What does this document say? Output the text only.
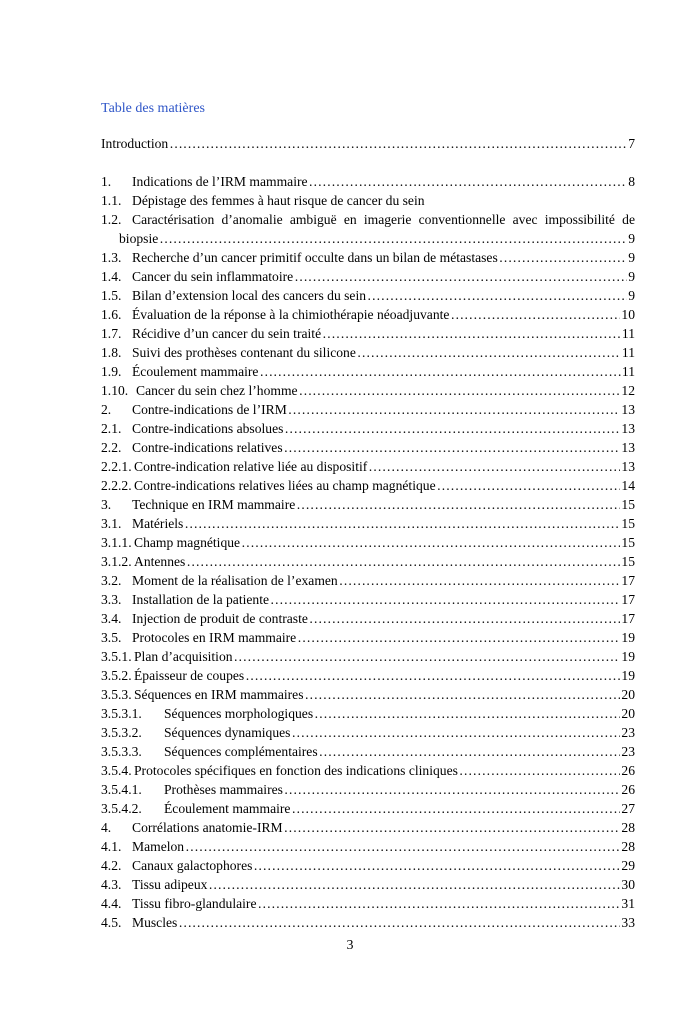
Table des matières
Introduction ……………………………………………………………………………………………………………………………………………………	7
1.	Indications de l’IRM mammaire ……………………………………………………………………………………………………………………………………………………	8
1.1. Dépistage des femmes à haut risque de cancer du sein
1.2. Caractérisation d’anomalie ambiguë en imagerie conventionnelle avec impossibilité de
biopsie ……………………………………………………………………………………………………………………………………………………	9
1.3. Recherche d’un cancer primitif occulte dans un bilan de métastases ……………………………………………………………………………………………………………………………………………………	9
1.4. Cancer du sein inflammatoire ……………………………………………………………………………………………………………………………………………………	9
1.5. Bilan d’extension local des cancers du sein ……………………………………………………………………………………………………………………………………………………	9
1.6. Évaluation de la réponse à la chimiothérapie néoadjuvante ……………………………………………………………………………………………………………………………………………………	10
1.7. Récidive d’un cancer du sein traité ……………………………………………………………………………………………………………………………………………………	11
1.8. Suivi des prothèses contenant du silicone ……………………………………………………………………………………………………………………………………………………	11
1.9. Écoulement mammaire ……………………………………………………………………………………………………………………………………………………	11
1.10. Cancer du sein chez l’homme ……………………………………………………………………………………………………………………………………………………	12
2.	Contre-indications de l’IRM ……………………………………………………………………………………………………………………………………………………	13
2.1. Contre-indications absolues ……………………………………………………………………………………………………………………………………………………	13
2.2. Contre-indications relatives ……………………………………………………………………………………………………………………………………………………	13
2.2.1. Contre-indication relative liée au dispositif ……………………………………………………………………………………………………………………………………………………	13
2.2.2. Contre-indications relatives liées au champ magnétique ……………………………………………………………………………………………………………………………………………………	14
3.	Technique en IRM mammaire ……………………………………………………………………………………………………………………………………………………	15
3.1. Matériels ……………………………………………………………………………………………………………………………………………………	15
3.1.1. Champ magnétique ……………………………………………………………………………………………………………………………………………………	15
3.1.2. Antennes ……………………………………………………………………………………………………………………………………………………	15
3.2. Moment de la réalisation de l’examen ……………………………………………………………………………………………………………………………………………………	17
3.3. Installation de la patiente ……………………………………………………………………………………………………………………………………………………	17
3.4. Injection de produit de contraste ……………………………………………………………………………………………………………………………………………………	17
3.5. Protocoles en IRM mammaire ……………………………………………………………………………………………………………………………………………………	19
3.5.1. Plan d’acquisition ……………………………………………………………………………………………………………………………………………………	19
3.5.2. Épaisseur de coupes ……………………………………………………………………………………………………………………………………………………	19
3.5.3. Séquences en IRM mammaires ……………………………………………………………………………………………………………………………………………………	20
3.5.3.1.	Séquences morphologiques ……………………………………………………………………………………………………………………………………………………	20
3.5.3.2.	Séquences dynamiques ……………………………………………………………………………………………………………………………………………………	23
3.5.3.3.	Séquences complémentaires ……………………………………………………………………………………………………………………………………………………	23
3.5.4. Protocoles spécifiques en fonction des indications cliniques ……………………………………………………………………………………………………………………………………………………	26
3.5.4.1.	Prothèses mammaires ……………………………………………………………………………………………………………………………………………………	26
3.5.4.2.	Écoulement mammaire ……………………………………………………………………………………………………………………………………………………	27
4.	Corrélations anatomie-IRM ……………………………………………………………………………………………………………………………………………………	28
4.1. Mamelon ……………………………………………………………………………………………………………………………………………………	28
4.2. Canaux galactophores ……………………………………………………………………………………………………………………………………………………	29
4.3. Tissu adipeux ……………………………………………………………………………………………………………………………………………………	30
4.4. Tissu fibro-glandulaire ……………………………………………………………………………………………………………………………………………………	31
4.5. Muscles ……………………………………………………………………………………………………………………………………………………	33
3
